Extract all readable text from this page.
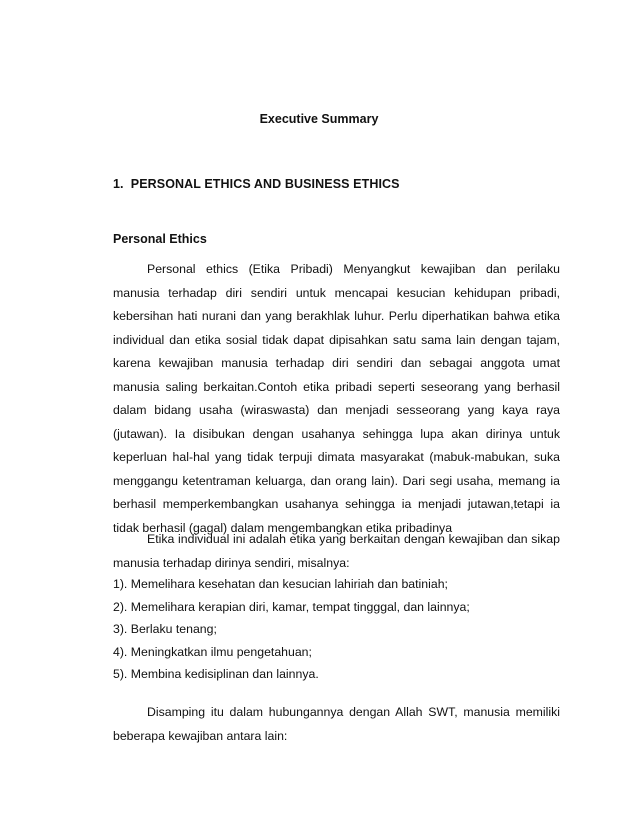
Executive Summary
1.  PERSONAL ETHICS AND BUSINESS ETHICS
Personal Ethics

Personal ethics (Etika Pribadi) Menyangkut kewajiban dan perilaku manusia terhadap diri sendiri untuk mencapai kesucian kehidupan pribadi, kebersihan hati nurani dan yang berakhlak luhur. Perlu diperhatikan bahwa etika individual dan etika sosial tidak dapat dipisahkan satu sama lain dengan tajam, karena kewajiban manusia terhadap diri sendiri dan sebagai anggota umat manusia saling berkaitan.Contoh etika pribadi seperti seseorang yang berhasil dalam bidang usaha (wiraswasta) dan menjadi sesseorang yang kaya raya (jutawan). Ia disibukan dengan usahanya sehingga lupa akan dirinya untuk keperluan hal-hal yang tidak terpuji dimata masyarakat (mabuk-mabukan, suka menggangu ketentraman keluarga, dan orang lain). Dari segi usaha, memang ia berhasil memperkembangkan usahanya sehingga ia menjadi jutawan,tetapi ia tidak berhasil (gagal) dalam mengembangkan etika pribadinya

Etika individual ini adalah etika yang berkaitan dengan kewajiban dan sikap manusia terhadap dirinya sendiri, misalnya:

1). Memelihara kesehatan dan kesucian lahiriah dan batiniah;
2). Memelihara kerapian diri, kamar, tempat tingggal, dan lainnya;
3). Berlaku tenang;
4). Meningkatkan ilmu pengetahuan;
5). Membina kedisiplinan dan lainnya.

Disamping itu dalam hubungannya dengan Allah SWT, manusia memiliki beberapa kewajiban antara lain:
